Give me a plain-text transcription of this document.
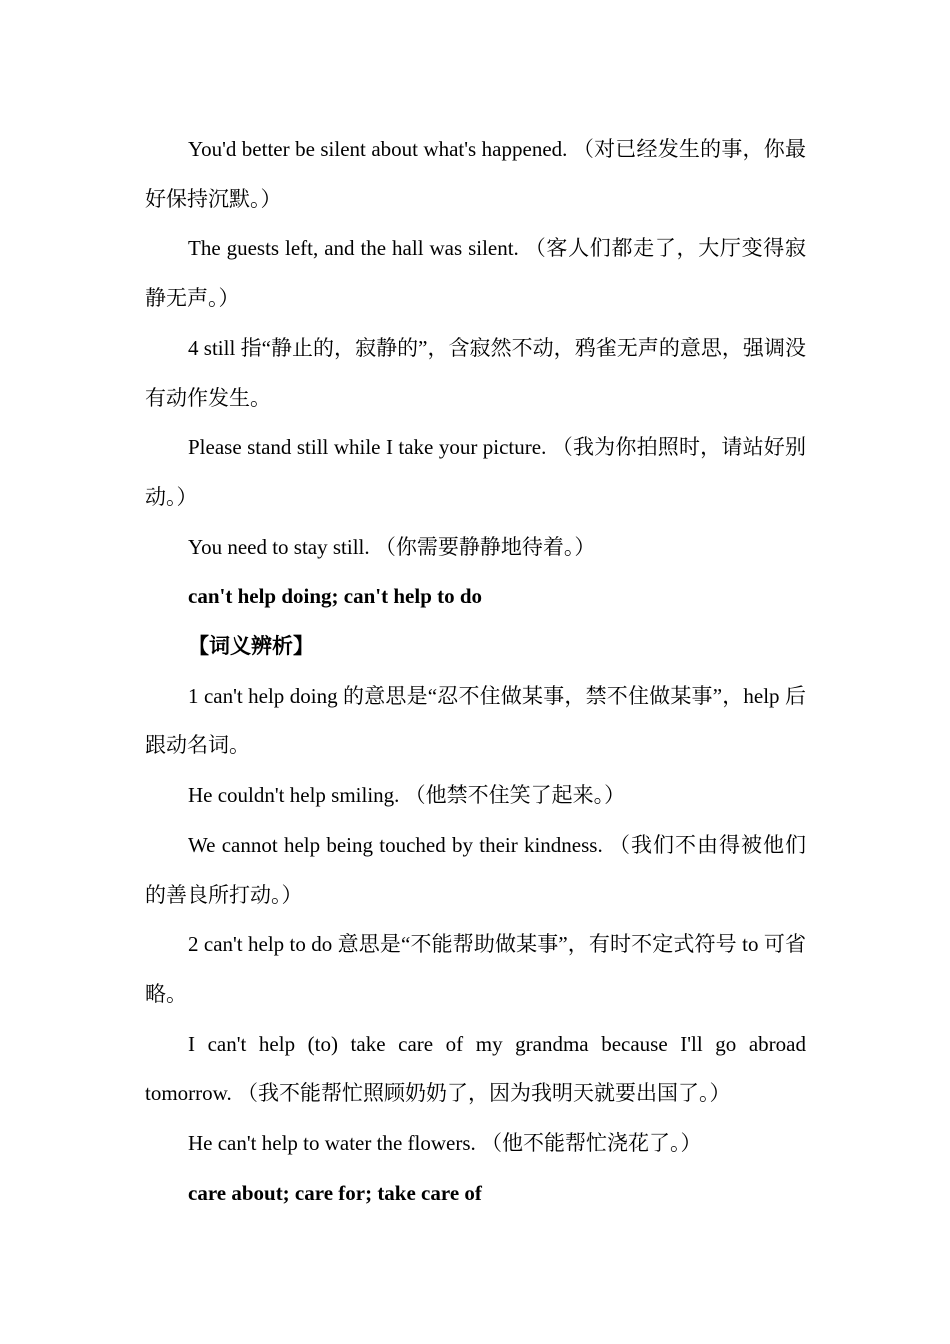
You'd better be silent about what's happened. （对已经发生的事，你最好保持沉默。）

The guests left, and the hall was silent. （客人们都走了，大厅变得寂静无声。）

4 still 指“静止的，寂静的”，含寂然不动，鸦雀无声的意思，强调没有动作发生。

Please stand still while I take your picture. （我为你拍照时，请站好别动。）

You need to stay still. （你需要静静地待着。）

can't help doing; can't help to do

【词义辨析】

1 can't help doing 的意思是“忍不住做某事，禁不住做某事”，help 后跟动名词。

He couldn't help smiling. （他禁不住笑了起来。）

We cannot help being touched by their kindness. （我们不由得被他们的善良所打动。）

2 can't help to do 意思是“不能帮助做某事”，有时不定式符号 to 可省略。

I can't help (to) take care of my grandma because I'll go abroad tomorrow. （我不能帮忙照顾奶奶了，因为我明天就要出国了。）

He can't help to water the flowers. （他不能帮忙浇花了。）

care about; care for; take care of
